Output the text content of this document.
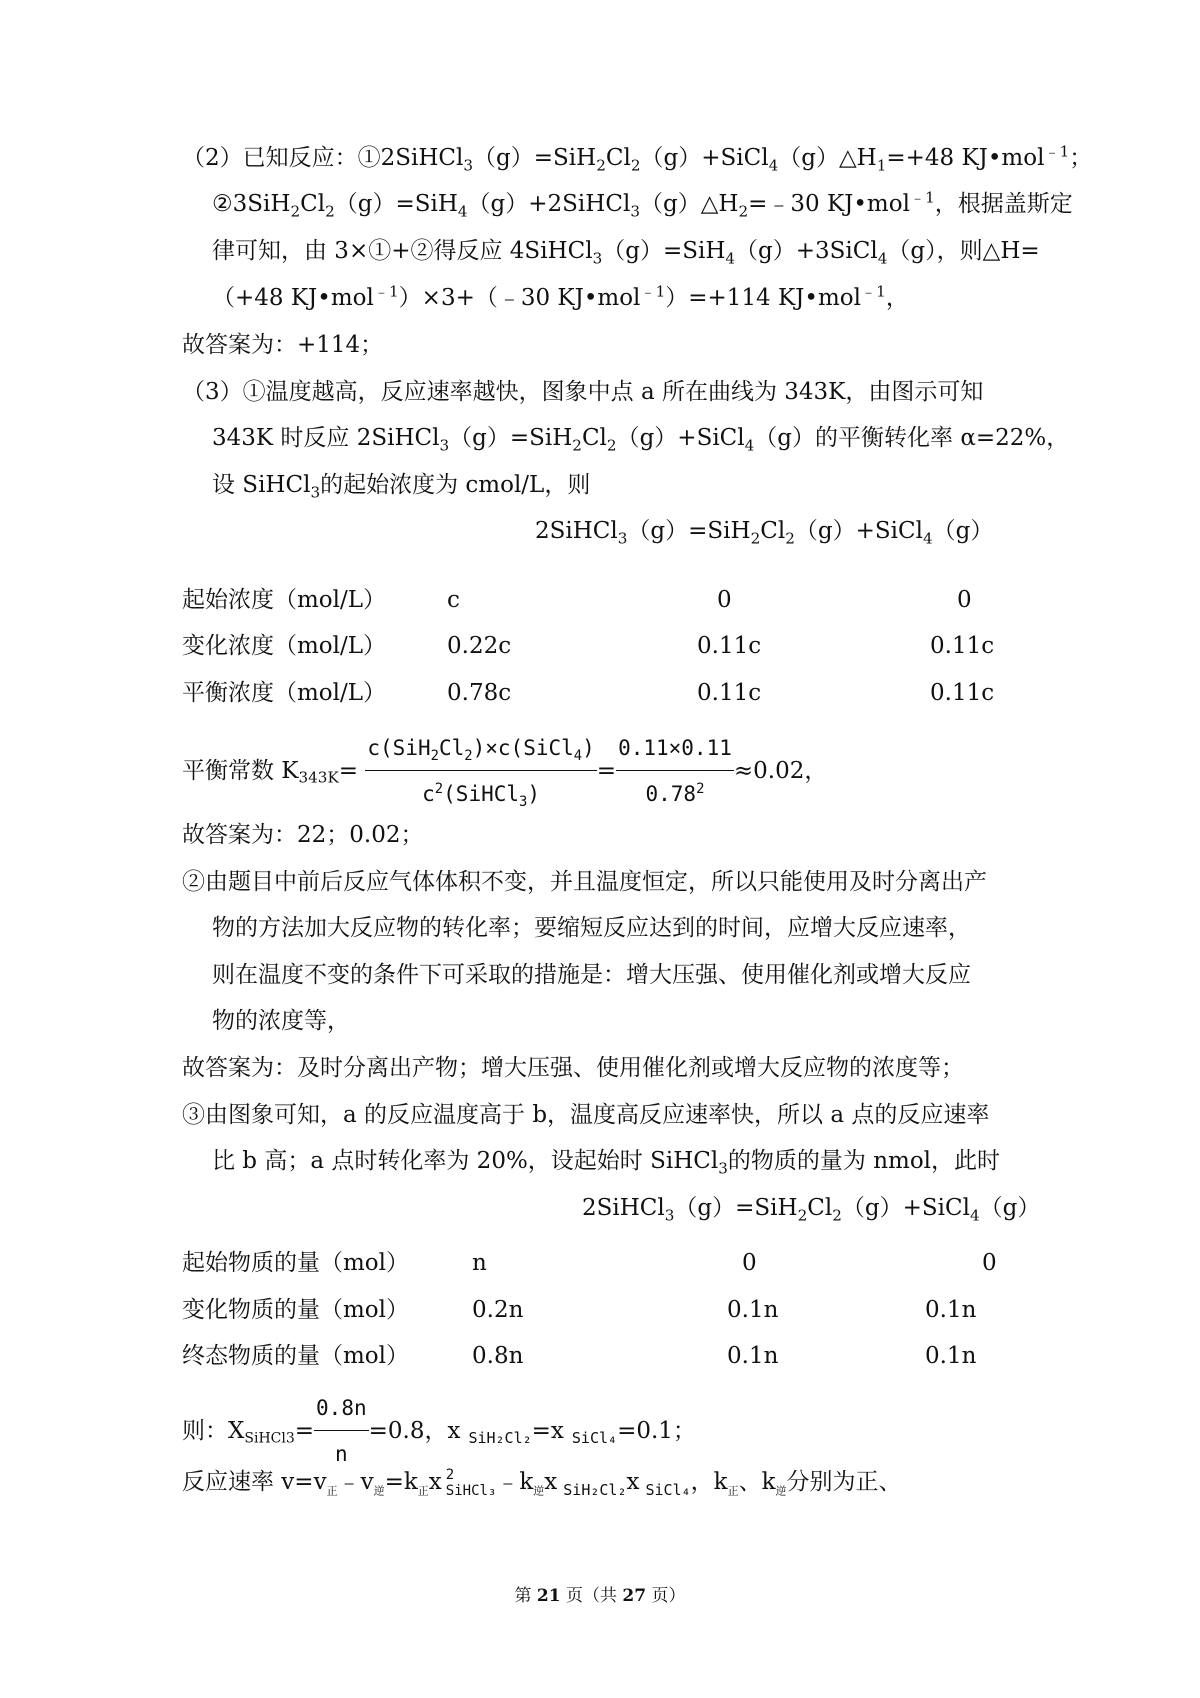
（2）已知反应：$①2SiHCl_3(g)=SiH_2Cl_2(g)+SiCl_4(g)\triangle H_1=+48$ KJ•mol$^{﹣1}$；
$②3SiH_2Cl_2(g)=SiH_4(g)+2SiHCl_3(g)\triangle H_2=﹣30$ KJ•mol$^{﹣1}$，根据盖斯定
律可知，由 3×①+②得反应 4SiHCl$_3$（g）=SiH$_4$（g）+3SiCl$_4$（g），则△H=
（+48 KJ•mol$^{﹣1}$）×3+（﹣30 KJ•mol$^{﹣1}$）=+114 KJ•mol$^{﹣1}$，
故答案为：+114；
（3）①温度越高，反应速率越快，图象中点 a 所在曲线为 343K，由图示可知
343K 时反应 $2SiHCl_3(g)=SiH_2Cl_2(g)+SiCl_4(g)$的平衡转化率 α=22%，
设 SiHCl$_3$的起始浓度为 cmol/L，则
$2SiHCl_3(g)=SiH_2Cl_2(g)+SiCl_4(g)$
起始浓度（mol/L）	c	0	0
变化浓度（mol/L）	0.22c	0.11c	0.11c
平衡浓度（mol/L）	0.78c	0.11c	0.11c
平衡常数 $K_{343K}= \frac{c(SiH_2Cl_2)\times c(SiCl_4)}{c^2(SiHCl_3)} = \frac{0.11\times 0.11}{0.78^2} \approx 0.02$，
故答案为：22；0.02；
②由题目中前后反应气体体积不变，并且温度恒定，所以只能使用及时分离出产
物的方法加大反应物的转化率；要缩短反应达到的时间，应增大反应速率，
则在温度不变的条件下可采取的措施是：增大压强、使用催化剂或增大反应
物的浓度等，
故答案为：及时分离出产物；增大压强、使用催化剂或增大反应物的浓度等；
③由图象可知，a 的反应温度高于 b，温度高反应速率快，所以 a 点的反应速率
比 b 高；a 点时转化率为 20%，设起始时 SiHCl$_3$的物质的量为 nmol，此时
$2SiHCl_3(g)=SiH_2Cl_2(g)+SiCl_4(g)$
起始物质的量（mol）	n	0	0
变化物质的量（mol）	0.2n	0.1n	0.1n
终态物质的量（mol）	0.8n	0.1n	0.1n
则：$X_{SiHCl3}= \frac{0.8n}{n} =0.8$，x $_{SiH_2Cl_2}$=x $_{SiCl_4}$=0.1；
反应速率 $v=v_正﹣v_逆=k_正x$ 2
SiHCl₃ $﹣k_逆x$ $_{SiH_2Cl_2}$x $_{SiCl_4}$，$k_正$、$k_逆$分别为正、
第 21 页（共 27 页）
